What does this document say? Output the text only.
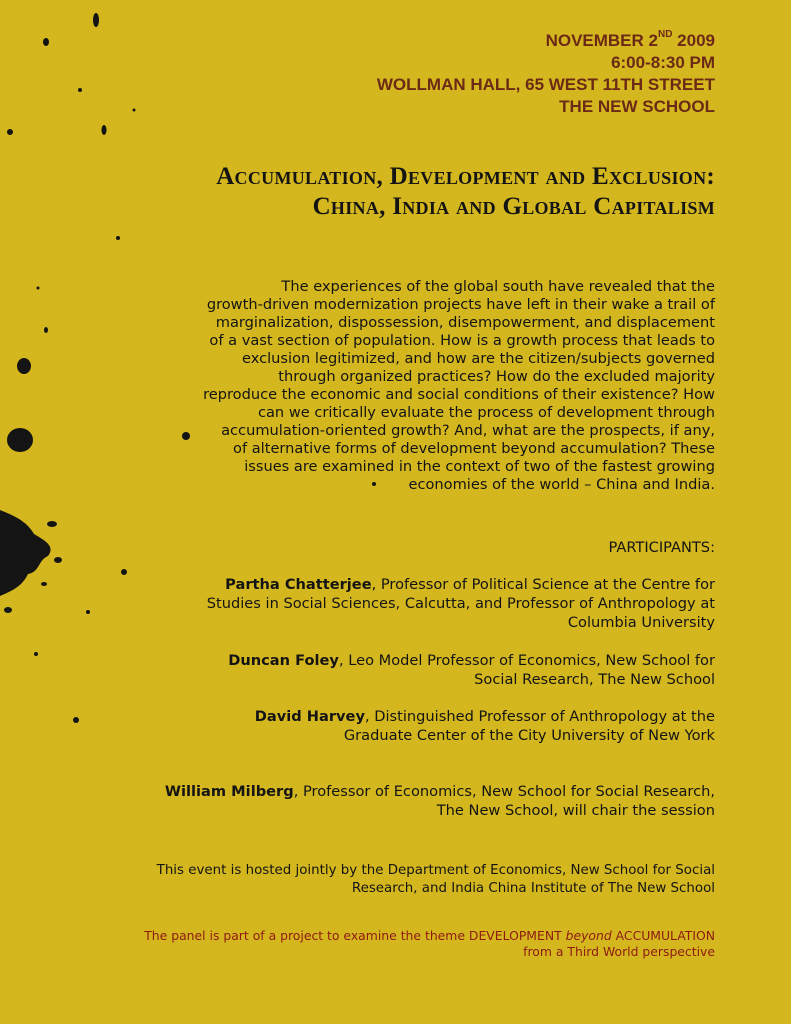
NOVEMBER 2ND 2009
6:00-8:30 PM
WOLLMAN HALL, 65 WEST 11TH STREET
THE NEW SCHOOL
Accumulation, Development and Exclusion:
China, India and Global Capitalism
The experiences of the global south have revealed that the
growth-driven modernization projects have left in their wake a trail of
marginalization, dispossession, disempowerment, and displacement
of a vast section of population. How is a growth process that leads to
exclusion legitimized, and how are the citizen/subjects governed
through organized practices? How do the excluded majority
reproduce the economic and social conditions of their existence? How
can we critically evaluate the process of development through
accumulation-oriented growth? And, what are the prospects, if any,
of alternative forms of development beyond accumulation? These
issues are examined in the context of two of the fastest growing
economies of the world – China and India.
PARTICIPANTS:
Partha Chatterjee, Professor of Political Science at the Centre for
Studies in Social Sciences, Calcutta, and Professor of Anthropology at
Columbia University
Duncan Foley, Leo Model Professor of Economics, New School for
Social Research, The New School
David Harvey, Distinguished Professor of Anthropology at the
Graduate Center of the City University of New York
William Milberg, Professor of Economics, New School for Social Research,
The New School, will chair the session
This event is hosted jointly by the Department of Economics, New School for Social
Research, and India China Institute of The New School
The panel is part of a project to examine the theme DEVELOPMENT beyond ACCUMULATION
from a Third World perspective
